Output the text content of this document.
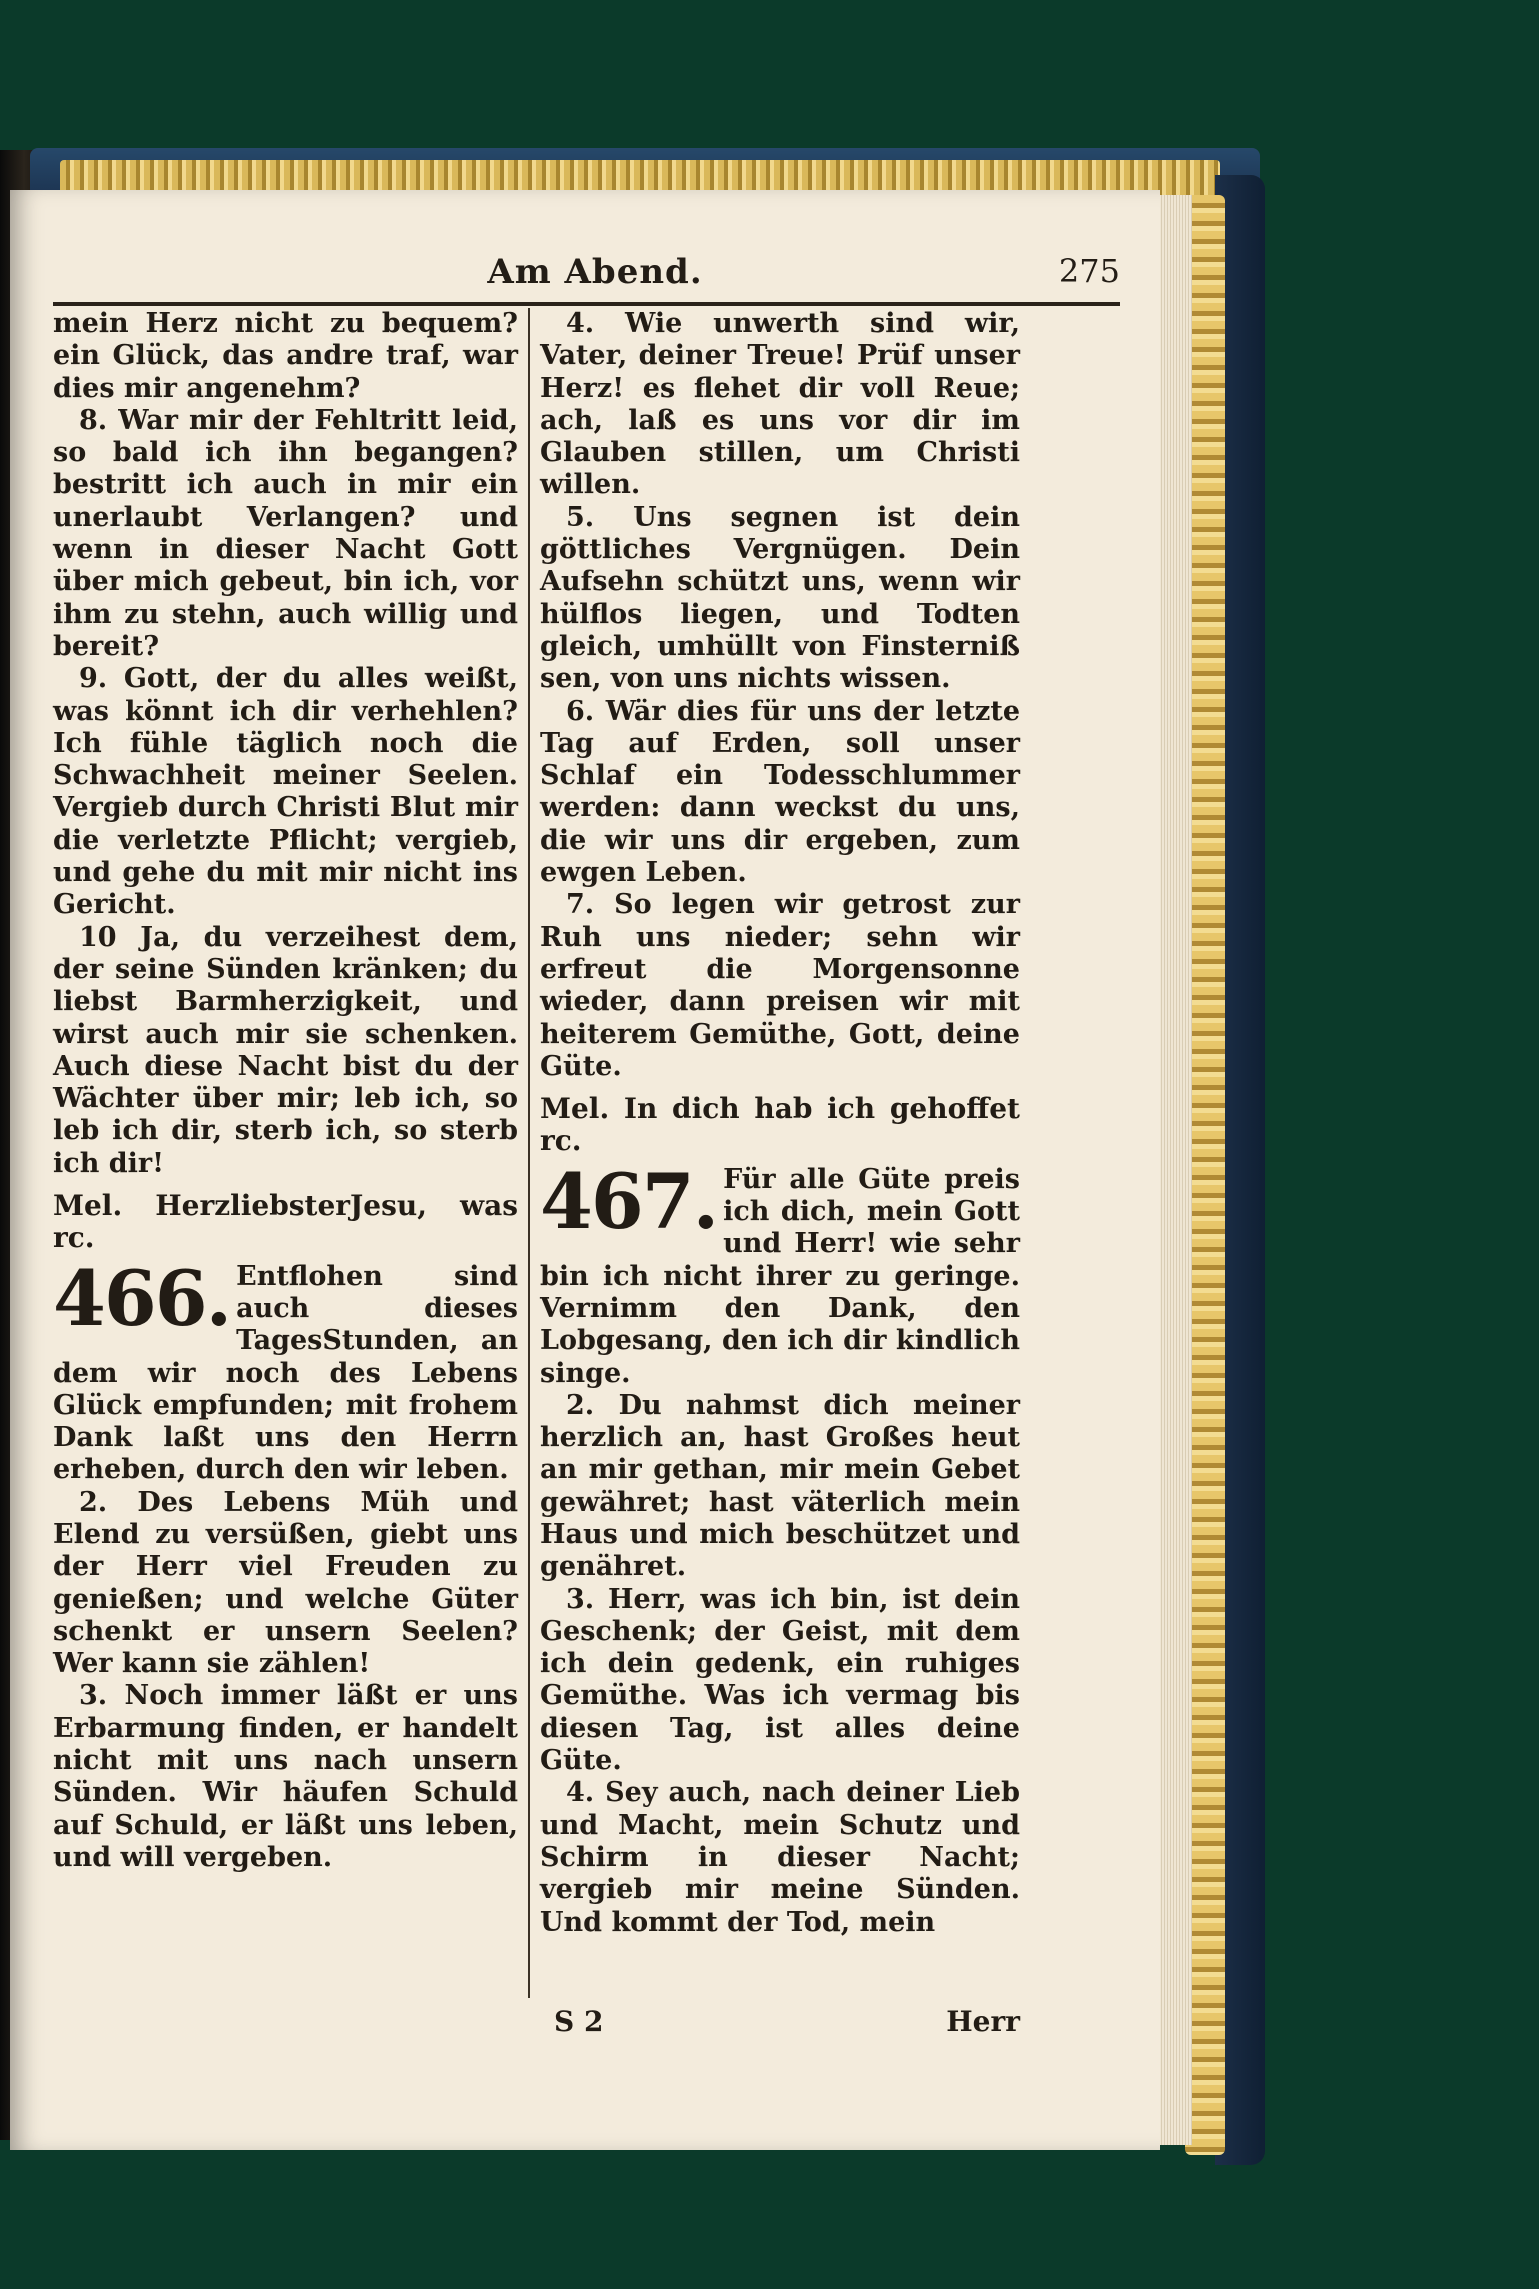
Am Abend.	275

mein Herz nicht zu bequem? ein Glück, das andre traf, war dies mir angenehm?

8. War mir der Fehltritt leid, so bald ich ihn begangen? bestritt ich auch in mir ein unerlaubt Verlangen? und wenn in dieser Nacht Gott über mich gebeut, bin ich, vor ihm zu stehn, auch willig und bereit?

9. Gott, der du alles weißt, was könnt ich dir verhehlen? Ich fühle täglich noch die Schwachheit meiner Seelen. Vergieb durch Christi Blut mir die verletzte Pflicht; vergieb, und gehe du mit mir nicht ins Gericht.

10 Ja, du verzeihest dem, der seine Sünden kränken; du liebst Barmherzigkeit, und wirst auch mir sie schenken. Auch diese Nacht bist du der Wächter über mir; leb ich, so leb ich dir, sterb ich, so sterb ich dir!

Mel. HerzliebsterJesu, was rc.

466. Entflohen sind auch dieses TagesStunden, an dem wir noch des Lebens Glück empfunden; mit frohem Dank laßt uns den Herrn erheben, durch den wir leben.

2. Des Lebens Müh und Elend zu versüßen, giebt uns der Herr viel Freuden zu genießen; und welche Güter schenkt er unsern Seelen? Wer kann sie zählen!

3. Noch immer läßt er uns Erbarmung finden, er handelt nicht mit uns nach unsern Sünden. Wir häufen Schuld auf Schuld, er läßt uns leben, und will vergeben.

4. Wie unwerth sind wir, Vater, deiner Treue! Prüf unser Herz! es flehet dir voll Reue; ach, laß es uns vor dir im Glauben stillen, um Christi willen.

5. Uns segnen ist dein göttliches Vergnügen. Dein Aufsehn schützt uns, wenn wir hülflos liegen, und Todten gleich, umhüllt von Finsterniß sen, von uns nichts wissen.

6. Wär dies für uns der letzte Tag auf Erden, soll unser Schlaf ein Todesschlummer werden: dann weckst du uns, die wir uns dir ergeben, zum ewgen Leben.

7. So legen wir getrost zur Ruh uns nieder; sehn wir erfreut die Morgensonne wieder, dann preisen wir mit heiterem Gemüthe, Gott, deine Güte.

Mel. In dich hab ich gehoffet rc.

467. Für alle Güte preis ich dich, mein Gott und Herr! wie sehr bin ich nicht ihrer zu geringe. Vernimm den Dank, den Lobgesang, den ich dir kindlich singe.

2. Du nahmst dich meiner herzlich an, hast Großes heut an mir gethan, mir mein Gebet gewähret; hast väterlich mein Haus und mich beschützet und genähret.

3. Herr, was ich bin, ist dein Geschenk; der Geist, mit dem ich dein gedenk, ein ruhiges Gemüthe. Was ich vermag bis diesen Tag, ist alles deine Güte.

4. Sey auch, nach deiner Lieb und Macht, mein Schutz und Schirm in dieser Nacht; vergieb mir meine Sünden. Und kommt der Tod, mein

S 2	Herr
